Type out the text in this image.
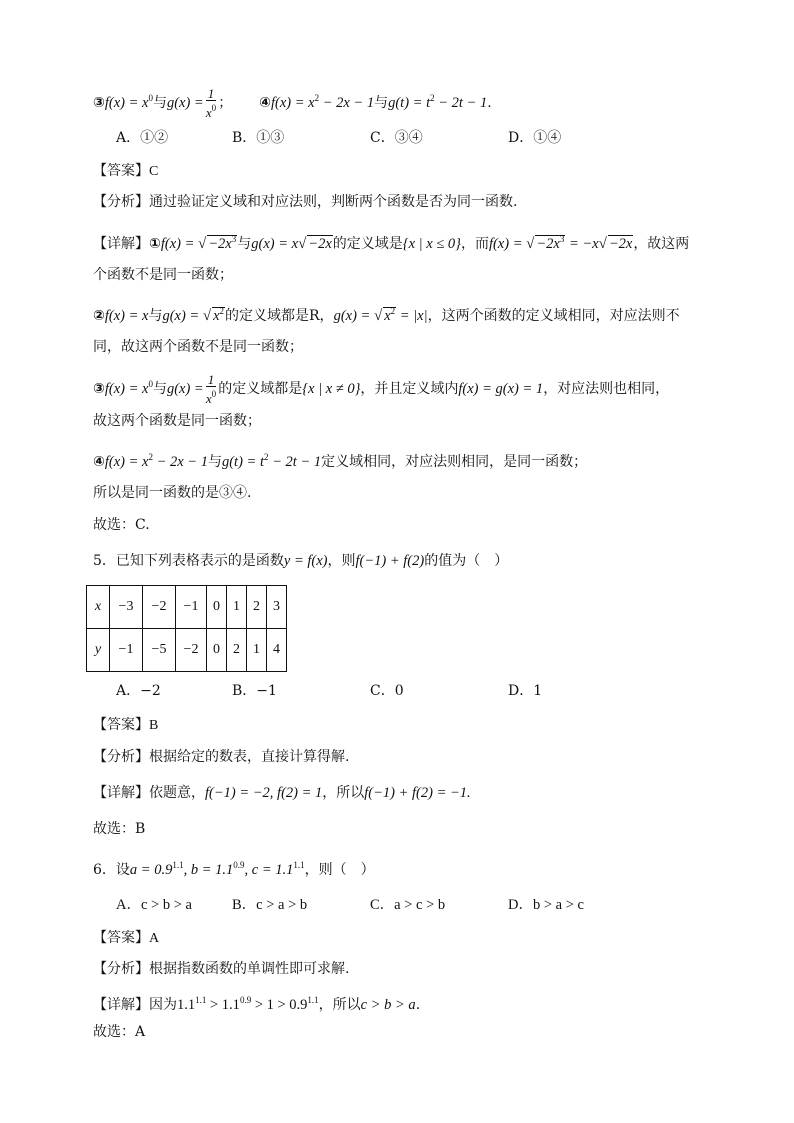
③f(x) = $x^0$与$g(x) = \frac{1}{x^0}$ ； ④f(x) = $x^2 - 2x - 1$与$g(t) = t^2 - 2t - 1$.
A．①②	B．①③	C．③④	D．①④
【答案】C
【分析】通过验证定义域和对应法则，判断两个函数是否为同一函数.
【详解】①f(x) = √ $-2x^3$与g(x) = x√ −2x的定义域是{x | x ≤ 0}，而f(x) = √ $-2x^3 = -x√ -2x$，故这两
个函数不是同一函数；
②f(x) = x与g(x) = √ $x^2$的定义域都是R，g(x) = √ $x^2 = |x|$，这两个函数的定义域相同，对应法则不
同，故这两个函数不是同一函数；
③f(x) = $x^0$与$g(x) = \frac{1}{x^0}$ 的定义域都是{x | x ≠ 0}，并且定义域内f(x) = g(x) = 1，对应法则也相同，
故这两个函数是同一函数；
④f(x) = $x^2 - 2x - 1$与$g(t) = t^2 - 2t - 1$定义域相同，对应法则相同，是同一函数；
所以是同一函数的是③④.
故选：C.
5．已知下列表格表示的是函数y = f(x)，则f(−1) + f(2)的值为（　）
x	−3	−2	−1	0	1	2	3
y	−1	−5	−2	0	2	1	4
A．−2	B．−1	C．0	D．1
【答案】B
【分析】根据给定的数表，直接计算得解.
【详解】依题意，f(−1) = −2, f(2) = 1，所以f(−1) + f(2) = −1.
故选：B
6．设$a = 0.9^{1.1}$, $b = 1.1^{0.9}$, $c = 1.1^{1.1}$，则（　）
A．c > b > a	B．c > a > b	C．a > c > b	D．b > a > c
【答案】A
【分析】根据指数函数的单调性即可求解.
【详解】因为$1.1^{1.1} > 1.1^{0.9} > 1 > 0.9^{1.1}$，所以c > b > a.
故选：A
